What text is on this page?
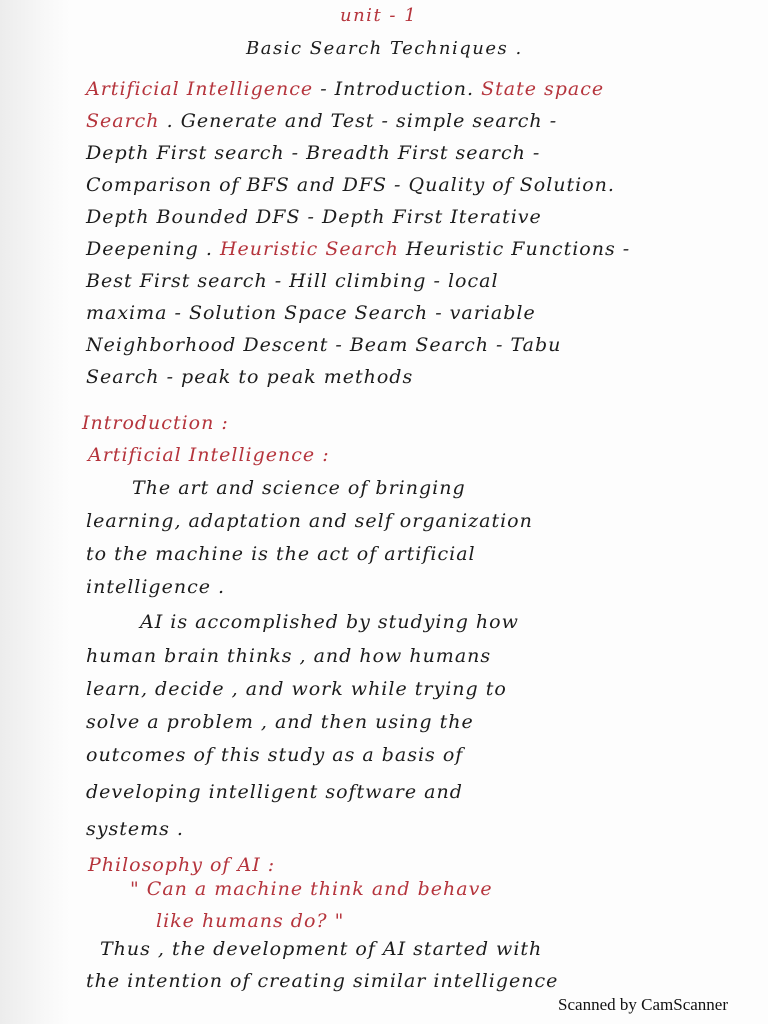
unit - 1
Basic Search Techniques .
Artificial Intelligence - Introduction. State space
Search . Generate and Test - simple search -
Depth First search - Breadth First search -
Comparison of BFS and DFS - Quality of Solution.
Depth Bounded DFS - Depth First Iterative
Deepening . Heuristic Search Heuristic Functions -
Best First search - Hill climbing - local
maxima - Solution Space Search - variable
Neighborhood Descent - Beam Search - Tabu
Search - peak to peak methods
Introduction :
Artificial Intelligence :
The art and science of bringing
learning, adaptation and self organization
to the machine is the act of artificial
intelligence .
AI is accomplished by studying how
human brain thinks , and how humans
learn, decide , and work while trying to
solve a problem , and then using the
outcomes of this study as a basis of
developing intelligent software and
systems .
Philosophy of AI :
" Can a machine think and behave
like humans do? "
Thus , the development of AI started with
the intention of creating similar intelligence
Scanned by CamScanner
